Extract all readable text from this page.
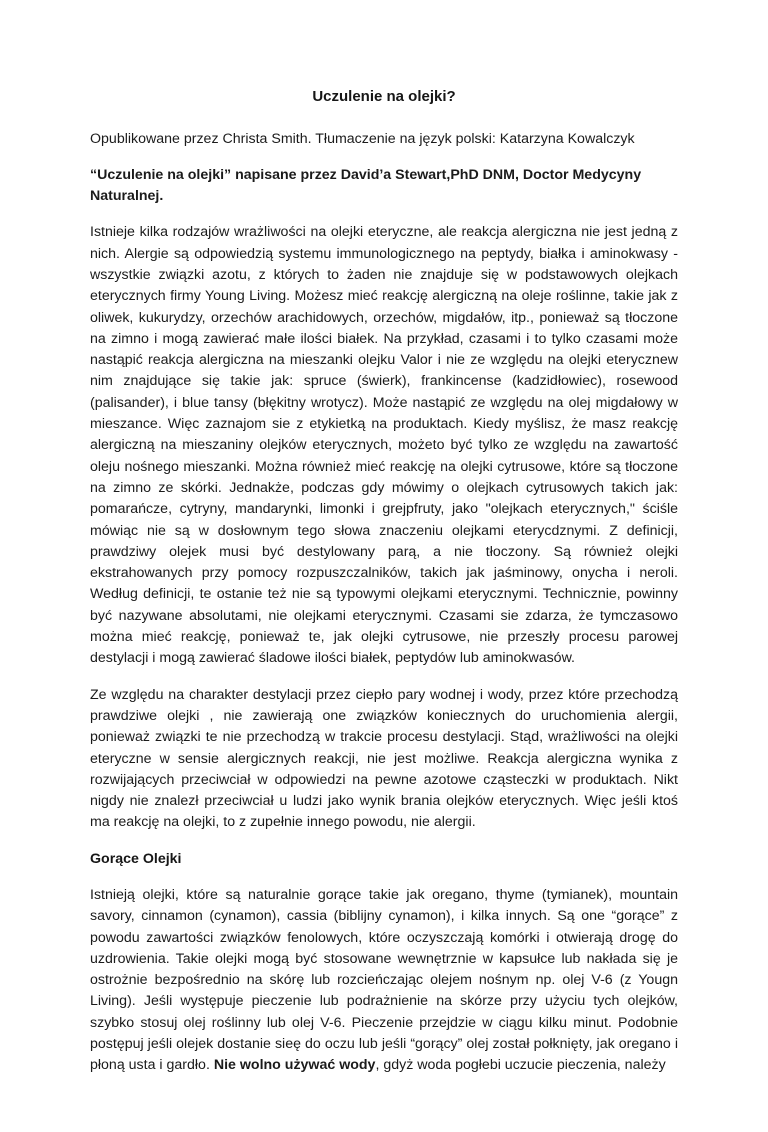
Uczulenie na olejki?

Opublikowane przez Christa Smith. Tłumaczenie na język polski: Katarzyna Kowalczyk

“Uczulenie na olejki” napisane przez David’a Stewart,PhD DNM, Doctor Medycyny Naturalnej.

Istnieje kilka rodzajów wrażliwości na olejki eteryczne, ale reakcja alergiczna nie jest jedną z nich. Alergie są odpowiedzią systemu immunologicznego na peptydy, białka i aminokwasy - wszystkie związki azotu, z których to żaden nie znajduje się w podstawowych olejkach eterycznych firmy Young Living. Możesz mieć reakcję alergiczną na oleje roślinne, takie jak z oliwek, kukurydzy, orzechów arachidowych, orzechów, migdałów, itp., ponieważ są tłoczone na zimno i mogą zawierać małe ilości białek. Na przykład, czasami i to tylko czasami może nastąpić reakcja alergiczna na mieszanki olejku Valor i nie ze względu na olejki eterycznew nim znajdujące się takie jak: spruce (świerk), frankincense (kadzidłowiec), rosewood (palisander), i blue tansy (błękitny wrotycz). Może nastąpić ze względu na olej migdałowy w mieszance. Więc zaznajom sie z etykietką na produktach. Kiedy myślisz, że masz reakcję alergiczną na mieszaniny olejków eterycznych, możeto być tylko ze względu na zawartość oleju nośnego mieszanki. Można również mieć reakcję na olejki cytrusowe, które są tłoczone na zimno ze skórki. Jednakże, podczas gdy mówimy o olejkach cytrusowych takich jak: pomarańcze, cytryny, mandarynki, limonki i grejpfruty, jako "olejkach eterycznych," ściśle mówiąc nie są w dosłownym tego słowa znaczeniu olejkami eterycdznymi. Z definicji, prawdziwy olejek musi być destylowany parą, a nie tłoczony. Są również olejki ekstrahowanych przy pomocy rozpuszczalników, takich jak jaśminowy, onycha i neroli. Według definicji, te ostanie też nie są typowymi olejkami eterycznymi. Technicznie, powinny być nazywane absolutami, nie olejkami eterycznymi. Czasami sie zdarza, że tymczasowo można mieć reakcję, ponieważ te, jak olejki cytrusowe, nie przeszły procesu parowej destylacji i mogą zawierać śladowe ilości białek, peptydów lub aminokwasów.

Ze względu na charakter destylacji przez ciepło pary wodnej i wody, przez które przechodzą prawdziwe olejki , nie zawierają one związków koniecznych do uruchomienia alergii, ponieważ związki te nie przechodzą w trakcie procesu destylacji. Stąd, wrażliwości na olejki eteryczne w sensie alergicznych reakcji, nie jest możliwe. Reakcja alergiczna wynika z rozwijających przeciwciał w odpowiedzi na pewne azotowe cząsteczki w produktach. Nikt nigdy nie znalezł przeciwciał u ludzi jako wynik brania olejków eterycznych. Więc jeśli ktoś ma reakcję na olejki, to z zupełnie innego powodu, nie alergii.

Gorące Olejki

Istnieją olejki, które są naturalnie gorące takie jak oregano, thyme (tymianek), mountain savory, cinnamon (cynamon), cassia (biblijny cynamon), i kilka innych. Są one “gorące” z powodu zawartości związków fenolowych, które oczyszczają komórki i otwierają drogę do uzdrowienia. Takie olejki mogą być stosowane wewnętrznie w kapsułce lub nakłada się je ostrożnie bezpośrednio na skórę lub rozcieńczając olejem nośnym np. olej V-6 (z Yougn Living). Jeśli występuje pieczenie lub podrażnienie na skórze przy użyciu tych olejków, szybko stosuj olej roślinny lub olej V-6. Pieczenie przejdzie w ciągu kilku minut. Podobnie postępuj jeśli olejek dostanie sieę do oczu lub jeśli “gorący” olej został połknięty, jak oregano i płoną usta i gardło. Nie wolno używać wody, gdyż woda pogłebi uczucie pieczenia, należy
